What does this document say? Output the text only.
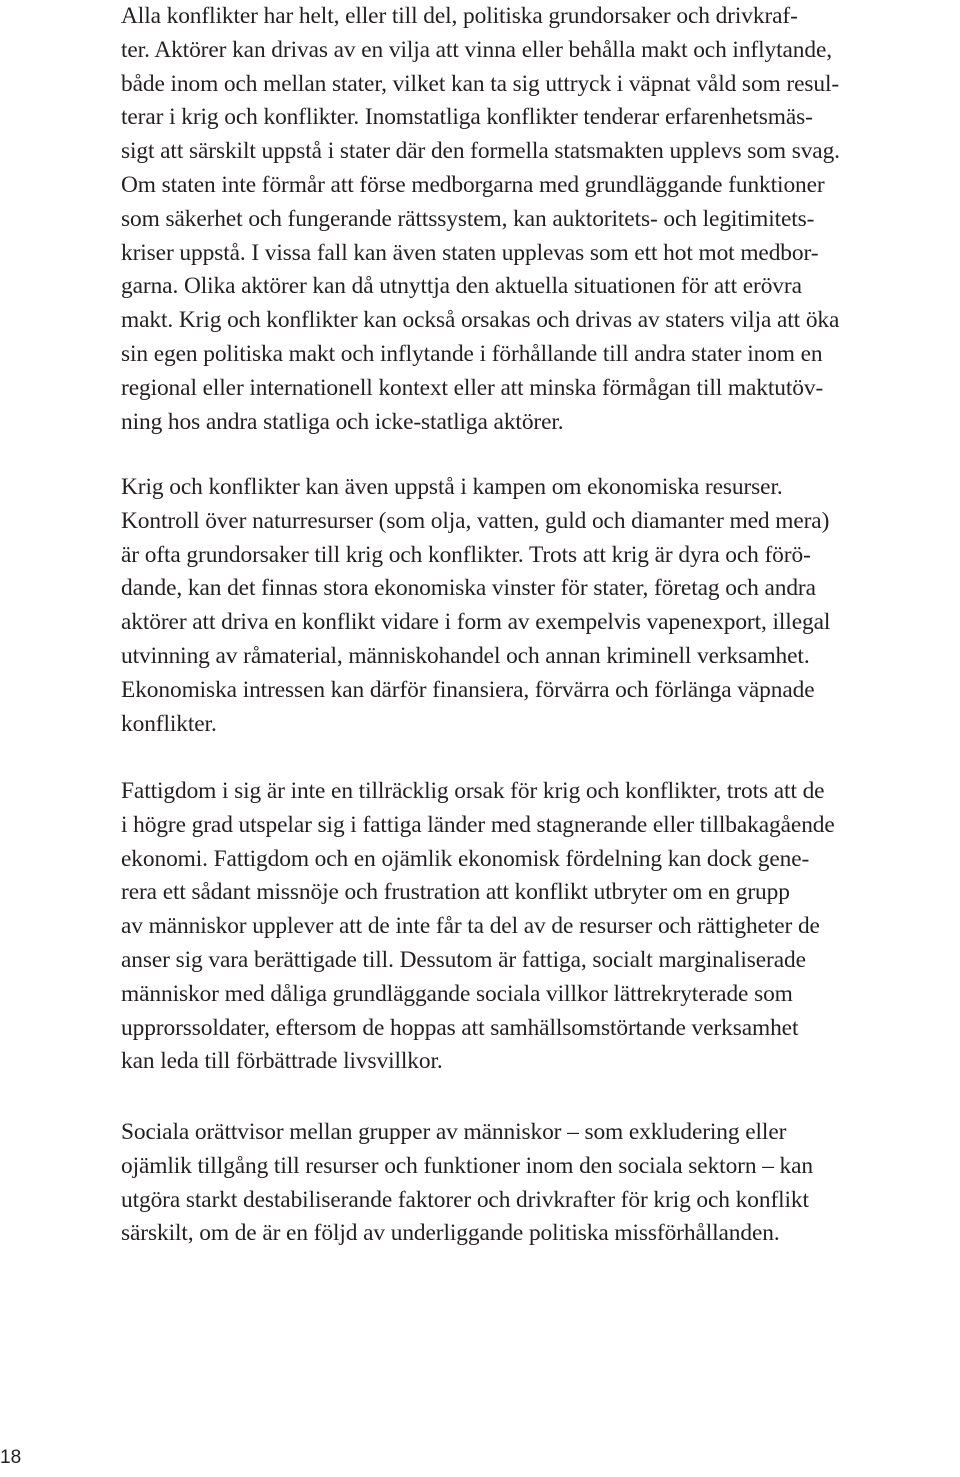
Alla konflikter har helt, eller till del, politiska grundorsaker och drivkraf-
ter. Aktörer kan drivas av en vilja att vinna eller behålla makt och inflytande,
både inom och mellan stater, vilket kan ta sig uttryck i väpnat våld som resul-
terar i krig och konflikter. Inomstatliga konflikter tenderar erfarenhetsmäs-
sigt att särskilt uppstå i stater där den formella statsmakten upplevs som svag.
Om staten inte förmår att förse medborgarna med grundläggande funktioner
som säkerhet och fungerande rättssystem, kan auktoritets- och legitimitets-
kriser uppstå. I vissa fall kan även staten upplevas som ett hot mot medbor-
garna. Olika aktörer kan då utnyttja den aktuella situationen för att erövra
makt. Krig och konflikter kan också orsakas och drivas av staters vilja att öka
sin egen politiska makt och inflytande i förhållande till andra stater inom en
regional eller internationell kontext eller att minska förmågan till maktutöv-
ning hos andra statliga och icke-statliga aktörer.
Krig och konflikter kan även uppstå i kampen om ekonomiska resurser.
Kontroll över naturresurser (som olja, vatten, guld och diamanter med mera)
är ofta grundorsaker till krig och konflikter. Trots att krig är dyra och förö-
dande, kan det finnas stora ekonomiska vinster för stater, företag och andra
aktörer att driva en konflikt vidare i form av exempelvis vapenexport, illegal
utvinning av råmaterial, människohandel och annan kriminell verksamhet.
Ekonomiska intressen kan därför finansiera, förvärra och förlänga väpnade
konflikter.
Fattigdom i sig är inte en tillräcklig orsak för krig och konflikter, trots att de
i högre grad utspelar sig i fattiga länder med stagnerande eller tillbakagående
ekonomi. Fattigdom och en ojämlik ekonomisk fördelning kan dock gene-
rera ett sådant missnöje och frustration att konflikt utbryter om en grupp
av människor upplever att de inte får ta del av de resurser och rättigheter de
anser sig vara berättigade till. Dessutom är fattiga, socialt marginaliserade
människor med dåliga grundläggande sociala villkor lättrekryterade som
upprorssoldater, eftersom de hoppas att samhällsomstörtande verksamhet
kan leda till förbättrade livsvillkor.
Sociala orättvisor mellan grupper av människor – som exkludering eller
ojämlik tillgång till resurser och funktioner inom den sociala sektorn – kan
utgöra starkt destabiliserande faktorer och drivkrafter för krig och konflikt
särskilt, om de är en följd av underliggande politiska missförhållanden.
18
